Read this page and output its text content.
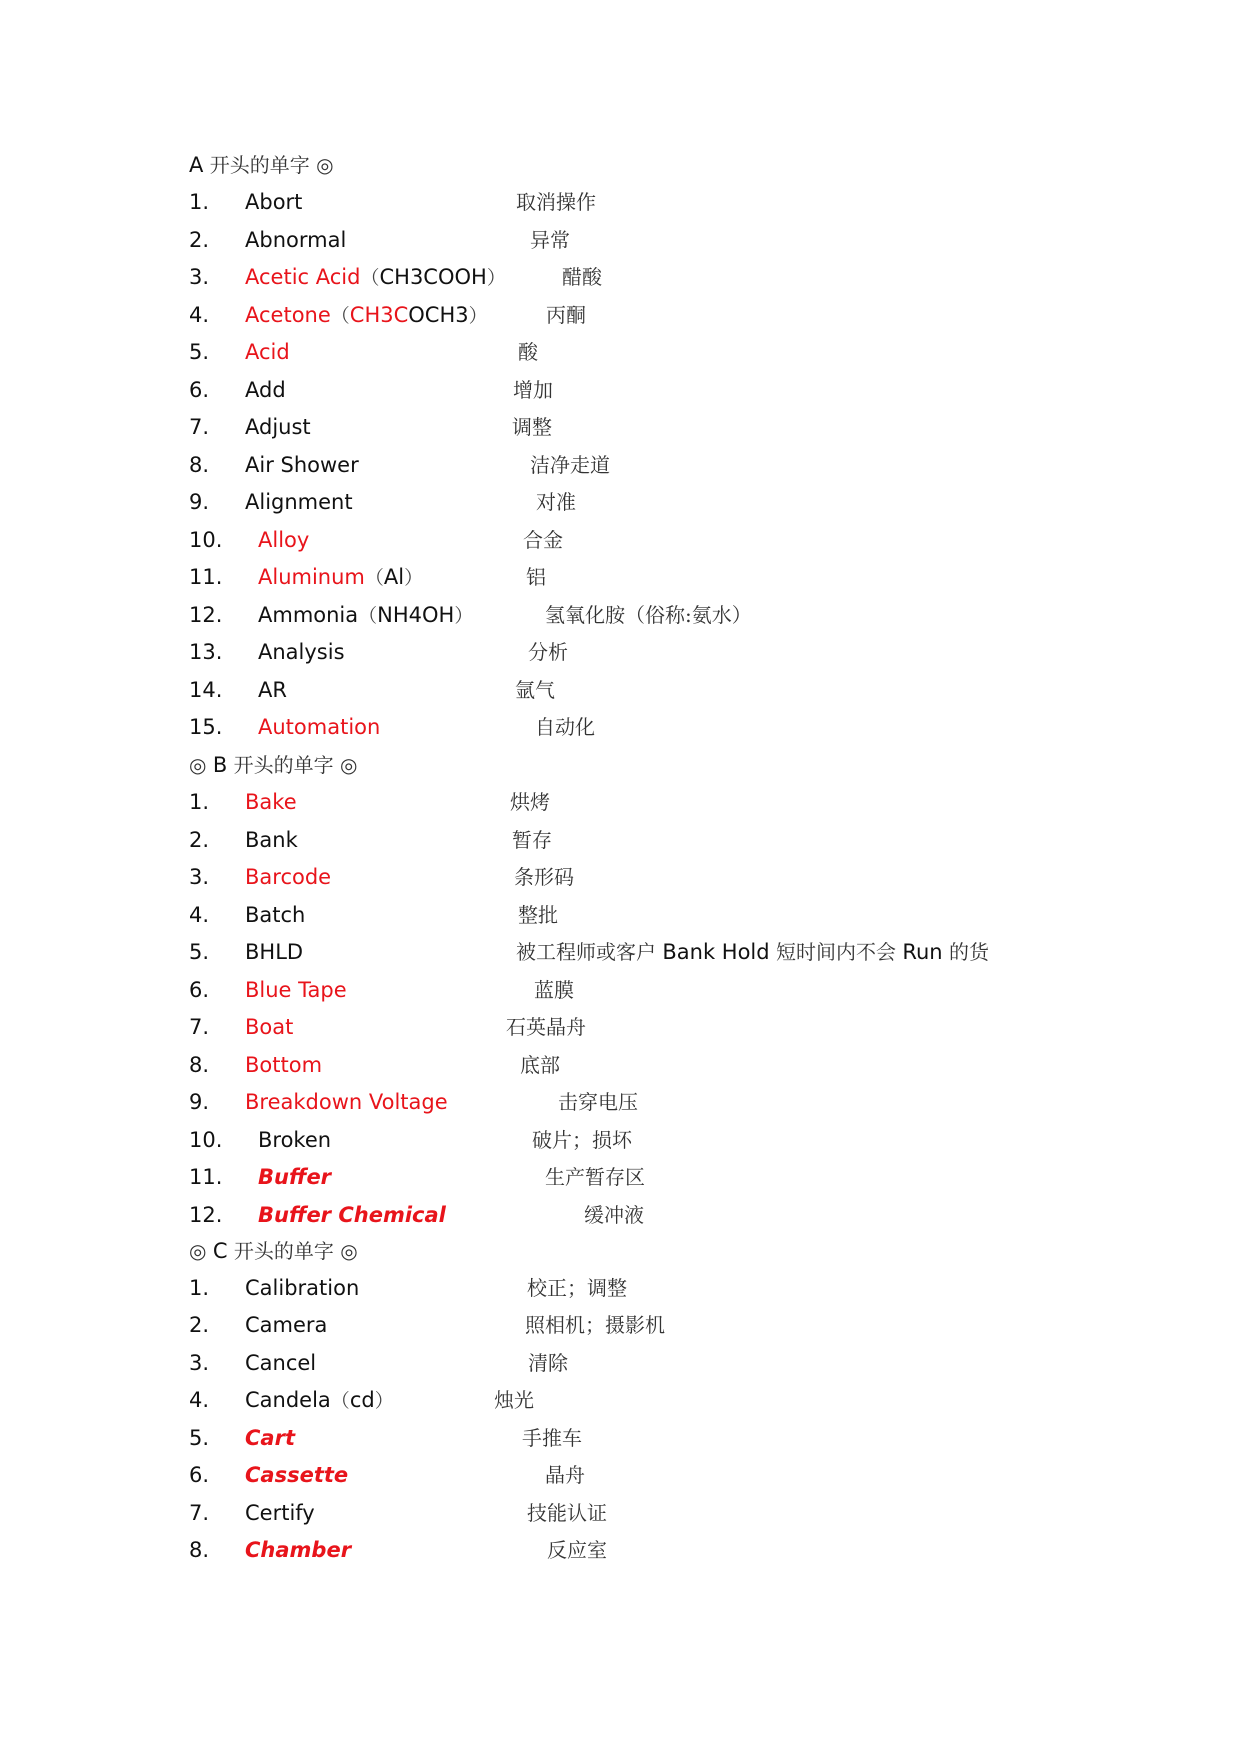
A 开头的单字 ◎
1. Abort	取消操作
2. Abnormal	异常
3. Acetic Acid（CH3COOH）	醋酸
4. Acetone（CH3COCH3）	丙酮
5. Acid	酸
6. Add	增加
7. Adjust	调整
8. Air Shower	洁净走道
9. Alignment	对准
10. Alloy	合金
11. Aluminum（Al）	铝
12. Ammonia（NH4OH）	氢氧化胺（俗称:氨水）
13. Analysis	分析
14. AR	氩气
15. Automation	自动化
◎ B 开头的单字 ◎
1. Bake	烘烤
2. Bank	暂存
3. Barcode	条形码
4. Batch	整批
5. BHLD	被工程师或客户 Bank Hold 短时间内不会 Run 的货
6. Blue Tape	蓝膜
7. Boat	石英晶舟
8. Bottom	底部
9. Breakdown Voltage	击穿电压
10. Broken	破片；损坏
11. Buffer	生产暂存区
12. Buffer Chemical	缓冲液
◎ C 开头的单字 ◎
1. Calibration	校正；调整
2. Camera	照相机；摄影机
3. Cancel	清除
4. Candela（cd）	烛光
5. Cart	手推车
6. Cassette	晶舟
7. Certify	技能认证
8. Chamber	反应室
